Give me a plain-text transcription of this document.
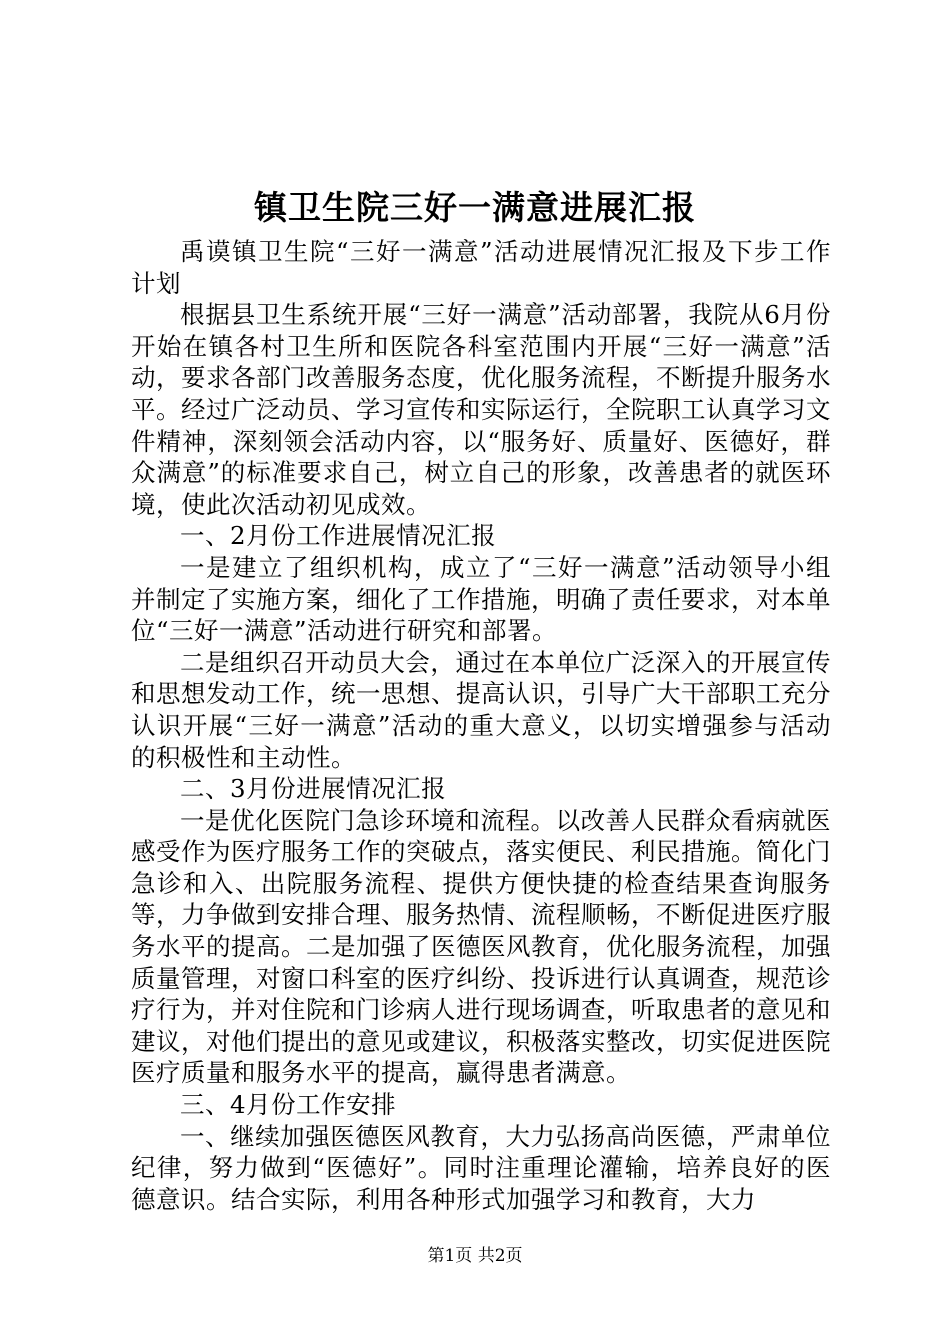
镇卫生院三好一满意进展汇报

禹谟镇卫生院“三好一满意”活动进展情况汇报及下步工作计划

根据县卫生系统开展“三好一满意”活动部署，我院从6月份开始在镇各村卫生所和医院各科室范围内开展“三好一满意”活动，要求各部门改善服务态度，优化服务流程，不断提升服务水平。经过广泛动员、学习宣传和实际运行，全院职工认真学习文件精神，深刻领会活动内容，以“服务好、质量好、医德好，群众满意”的标准要求自己，树立自己的形象，改善患者的就医环境，使此次活动初见成效。

一、2月份工作进展情况汇报

一是建立了组织机构，成立了“三好一满意”活动领导小组并制定了实施方案，细化了工作措施，明确了责任要求，对本单位“三好一满意”活动进行研究和部署。

二是组织召开动员大会，通过在本单位广泛深入的开展宣传和思想发动工作，统一思想、提高认识，引导广大干部职工充分认识开展“三好一满意”活动的重大意义，以切实增强参与活动的积极性和主动性。

二、3月份进展情况汇报

一是优化医院门急诊环境和流程。以改善人民群众看病就医感受作为医疗服务工作的突破点，落实便民、利民措施。简化门急诊和入、出院服务流程、提供方便快捷的检查结果查询服务等，力争做到安排合理、服务热情、流程顺畅，不断促进医疗服务水平的提高。二是加强了医德医风教育，优化服务流程，加强质量管理，对窗口科室的医疗纠纷、投诉进行认真调查，规范诊疗行为，并对住院和门诊病人进行现场调查，听取患者的意见和建议，对他们提出的意见或建议，积极落实整改，切实促进医院医疗质量和服务水平的提高，赢得患者满意。

三、4月份工作安排

一、继续加强医德医风教育，大力弘扬高尚医德，严肃单位纪律，努力做到“医德好”。同时注重理论灌输，培养良好的医德意识。结合实际，利用各种形式加强学习和教育，大力

第1页 共2页
